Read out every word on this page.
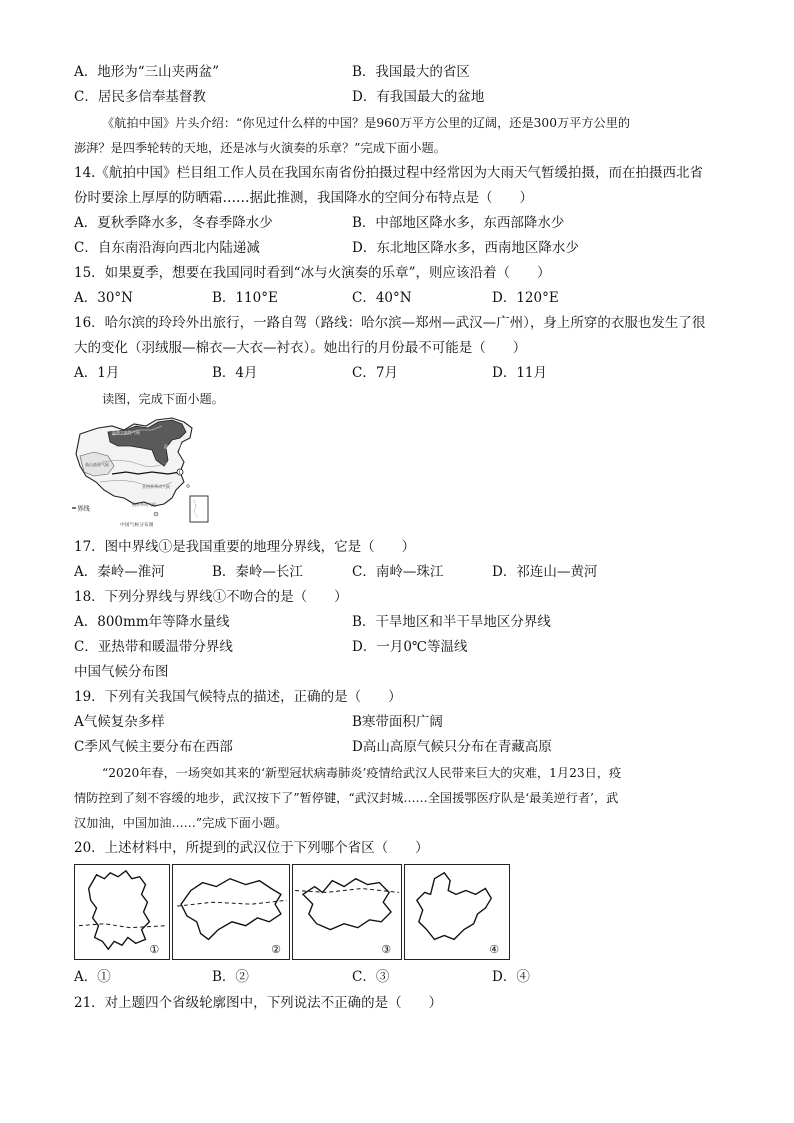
A．地形为“三山夹两盆”	B．我国最大的省区
C．居民多信奉基督教	D．有我国最大的盆地
《航拍中国》片头介绍：“你见过什么样的中国？是960万平方公里的辽阔，还是300万平方公里的
澎湃？是四季轮转的天地，还是冰与火演奏的乐章？”完成下面小题。
14.《航拍中国》栏目组工作人员在我国东南省份拍摄过程中经常因为大雨天气暂缓拍摄，而在拍摄西北省
份时要涂上厚厚的防晒霜……据此推测，我国降水的空间分布特点是（　　）
A．夏秋季降水多，冬春季降水少	B．中部地区降水多，东西部降水少
C．自东南沿海向西北内陆递减	D．东北地区降水多，西南地区降水少
15．如果夏季，想要在我国同时看到“冰与火演奏的乐章”，则应该沿着（　　）
A．30°N	B．110°E	C．40°N	D．120°E
16．哈尔滨的玲玲外出旅行，一路自驾（路线：哈尔滨—郑州—武汉—广州），身上所穿的衣服也发生了很
大的变化（羽绒服—棉衣—大衣—衬衣）。她出行的月份最不可能是（　　）
A．1月	B．4月	C．7月	D．11月
读图，完成下面小题。
1
高山高原气候
温带大陆性气候
温带季风气候
亚热带季风气候
热带季风气候
界线
中国气候分布图
17．图中界线①是我国重要的地理分界线，它是（　　）
A．秦岭—淮河	B．秦岭—长江	C．南岭—珠江	D．祁连山—黄河
18．下列分界线与界线①不吻合的是（　　）
A．800mm年等降水量线	B．干旱地区和半干旱地区分界线
C．亚热带和暖温带分界线	D．一月0℃等温线
中国气候分布图
19．下列有关我国气候特点的描述，正确的是（　　）
A气候复杂多样	B寒带面积广阔
C季风气候主要分布在西部	D高山高原气候只分布在青藏高原
“2020年春，一场突如其来的‘新型冠状病毒肺炎’疫情给武汉人民带来巨大的灾难，1月23日，疫
情防控到了刻不容缓的地步，武汉按下了”暂停键，“武汉封城……全国援鄂医疗队是‘最美逆行者’，武
汉加油，中国加油……”完成下面小题。
20．上述材料中，所提到的武汉位于下列哪个省区（　　）
①	②	③	④
A．①	B．②	C．③	D．④
21．对上题四个省级轮廓图中，下列说法不正确的是（　　）
